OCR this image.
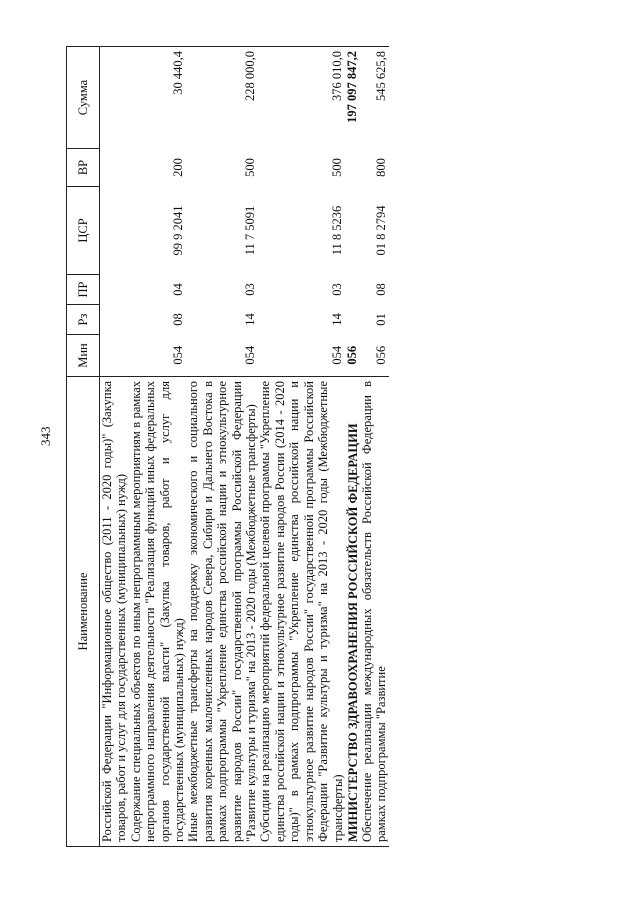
343
Наименование	Мин	Рз	ПР	ЦСР	ВР	Сумма
Российской Федерации "Информационное общество (2011 - 2020 годы)" (Закупка товаров, работ и услуг для государственных (муниципальных) нужд)						
Содержание специальных объектов по иным непрограммным мероприятиям в рамках непрограммного направления деятельности "Реализация функций иных федеральных органов государственной власти" (Закупка товаров, работ и услуг для государственных (муниципальных) нужд)	054	08	04	99 9 2041	200	30 440,4
Иные межбюджетные трансферты на поддержку экономического и социального развития коренных малочисленных народов Севера, Сибири и Дальнего Востока в рамках подпрограммы "Укрепление единства российской нации и этнокультурное развитие народов России" государственной программы Российской Федерации "Развитие культуры и туризма" на 2013 - 2020 годы (Межбюджетные трансферты)	054	14	03	11 7 5091	500	228 000,0
Субсидии на реализацию мероприятий федеральной целевой программы "Укрепление единства российской нации и этнокультурное развитие народов России (2014 - 2020 годы)" в рамках подпрограммы "Укрепление единства российской нации и этнокультурное развитие народов России" государственной программы Российской Федерации "Развитие культуры и туризма" на 2013 - 2020 годы (Межбюджетные трансферты)	054	14	03	11 8 5236	500	376 010,0
МИНИСТЕРСТВО ЗДРАВООХРАНЕНИЯ РОССИЙСКОЙ ФЕДЕРАЦИИ	056					197 097 847,2
Обеспечение реализации международных обязательств Российской Федерации в рамках подпрограммы "Развитие	056	01	08	01 8 2794	800	545 625,8
